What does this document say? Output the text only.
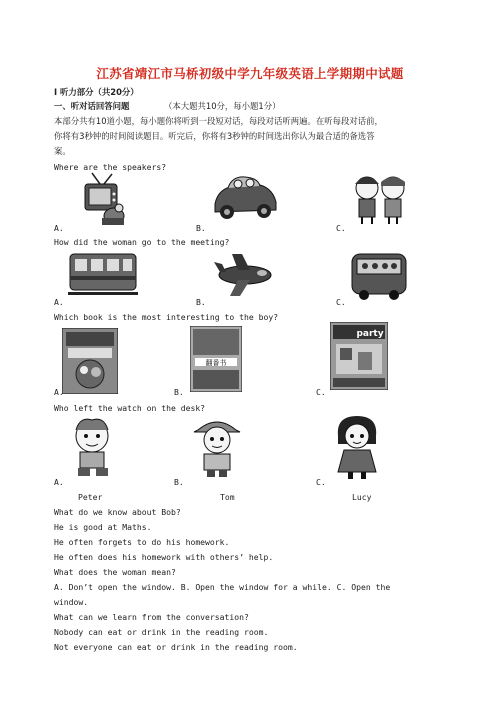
江苏省靖江市马桥初级中学九年级英语上学期期中试题
I 听力部分（共20分）
一、听对话回答问题	（本大题共10分，每小题1分）
本部分共有10道小题，每小题你将听到一段短对话，每段对话听两遍。在听每段对话前，
你将有3秒钟的时间阅读题目。听完后，你将有3秒钟的时间选出你认为最合适的备选答
案。
Where are the speakers?
A.	B.	C.
How did the woman go to the meeting?
A.	B.	C.
Which book is the most interesting to the boy?
翻番书
party
A.	B.	C.
Who left the watch on the desk?
A.	B.	C.
Peter	Tom	Lucy
What do we know about Bob?
He is good at Maths.
He often forgets to do his homework.
He often does his homework with others’ help.
What does the woman mean?
A. Don’t open the window. B. Open the window for a while. C. Open the
window.
What can we learn from the conversation?
Nobody can eat or drink in the reading room.
Not everyone can eat or drink in the reading room.
